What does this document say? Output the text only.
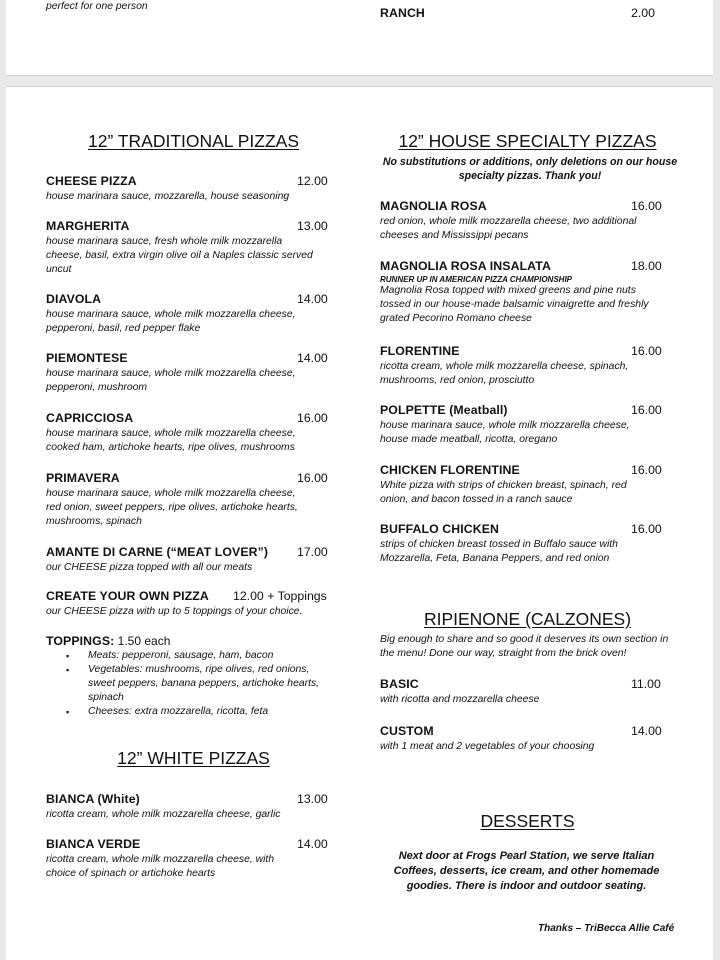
perfect for one person	RANCH	2.00
12” TRADITIONAL PIZZAS
CHEESE PIZZA	12.00
house marinara sauce, mozzarella, house seasoning
MARGHERITA	13.00
house marinara sauce, fresh whole milk mozzarella cheese, basil, extra virgin olive oil a Naples classic served uncut
DIAVOLA	14.00
house marinara sauce, whole milk mozzarella cheese, pepperoni, basil, red pepper flake
PIEMONTESE	14.00
house marinara sauce, whole milk mozzarella cheese, pepperoni, mushroom
CAPRICCIOSA	16.00
house marinara sauce, whole milk mozzarella cheese, cooked ham, artichoke hearts, ripe olives, mushrooms
PRIMAVERA	16.00
house marinara sauce, whole milk mozzarella cheese, red onion, sweet peppers, ripe olives, artichoke hearts, mushrooms, spinach
AMANTE DI CARNE (“MEAT LOVER”)	17.00
our CHEESE pizza topped with all our meats
CREATE YOUR OWN PIZZA	12.00 + Toppings
our CHEESE pizza with up to 5 toppings of your choice.
TOPPINGS: 1.50 each
▪ Meats: pepperoni, sausage, ham, bacon
▪ Vegetables: mushrooms, ripe olives, red onions, sweet peppers, banana peppers, artichoke hearts, spinach
▪ Cheeses: extra mozzarella, ricotta, feta
12” WHITE PIZZAS
BIANCA (White)	13.00
ricotta cream, whole milk mozzarella cheese, garlic
BIANCA VERDE	14.00
ricotta cream, whole milk mozzarella cheese, with choice of spinach or artichoke hearts
12” HOUSE SPECIALTY PIZZAS
No substitutions or additions, only deletions on our house specialty pizzas. Thank you!
MAGNOLIA ROSA	16.00
red onion, whole milk mozzarella cheese, two additional cheeses and Mississippi pecans
MAGNOLIA ROSA INSALATA	18.00
RUNNER UP IN AMERICAN PIZZA CHAMPIONSHIP
Magnolia Rosa topped with mixed greens and pine nuts tossed in our house-made balsamic vinaigrette and freshly grated Pecorino Romano cheese
FLORENTINE	16.00
ricotta cream, whole milk mozzarella cheese, spinach, mushrooms, red onion, prosciutto
POLPETTE (Meatball)	16.00
house marinara sauce, whole milk mozzarella cheese, house made meatball, ricotta, oregano
CHICKEN FLORENTINE	16.00
White pizza with strips of chicken breast, spinach, red onion, and bacon tossed in a ranch sauce
BUFFALO CHICKEN	16.00
strips of chicken breast tossed in Buffalo sauce with Mozzarella, Feta, Banana Peppers, and red onion
RIPIENONE (CALZONES)
Big enough to share and so good it deserves its own section in the menu! Done our way, straight from the brick oven!
BASIC	11.00
with ricotta and mozzarella cheese
CUSTOM	14.00
with 1 meat and 2 vegetables of your choosing
DESSERTS
Next door at Frogs Pearl Station, we serve Italian Coffees, desserts, ice cream, and other homemade goodies. There is indoor and outdoor seating.
Thanks – TriBecca Allie Café
